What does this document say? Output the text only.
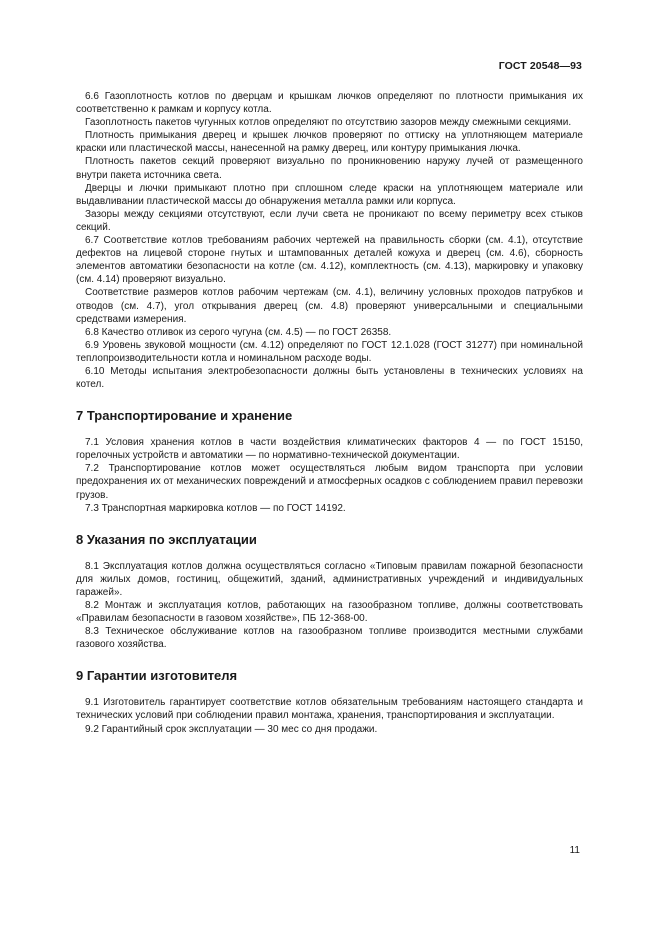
ГОСТ 20548—93

6.6 Газоплотность котлов по дверцам и крышкам лючков определяют по плотности примыкания их соответственно к рамкам и корпусу котла.

Газоплотность пакетов чугунных котлов определяют по отсутствию зазоров между смежными секциями.

Плотность примыкания дверец и крышек лючков проверяют по оттиску на уплотняющем материале краски или пластической массы, нанесенной на рамку дверец, или контуру примыкания лючка.

Плотность пакетов секций проверяют визуально по проникновению наружу лучей от размещенного внутри пакета источника света.

Дверцы и лючки примыкают плотно при сплошном следе краски на уплотняющем материале или выдавливании пластической массы до обнаружения металла рамки или корпуса.

Зазоры между секциями отсутствуют, если лучи света не проникают по всему периметру всех стыков секций.

6.7 Соответствие котлов требованиям рабочих чертежей на правильность сборки (см. 4.1), отсутствие дефектов на лицевой стороне гнутых и штампованных деталей кожуха и дверец (см. 4.6), сборность элементов автоматики безопасности на котле (см. 4.12), комплектность (см. 4.13), маркировку и упаковку (см. 4.14) проверяют визуально.

Соответствие размеров котлов рабочим чертежам (см. 4.1), величину условных проходов патрубков и отводов (см. 4.7), угол открывания дверец (см. 4.8) проверяют универсальными и специальными средствами измерения.

6.8 Качество отливок из серого чугуна (см. 4.5) — по ГОСТ 26358.

6.9 Уровень звуковой мощности (см. 4.12) определяют по ГОСТ 12.1.028 (ГОСТ 31277) при номинальной теплопроизводительности котла и номинальном расходе воды.

6.10 Методы испытания электробезопасности должны быть установлены в технических условиях на котел.

7 Транспортирование и хранение

7.1 Условия хранения котлов в части воздействия климатических факторов 4 — по ГОСТ 15150, горелочных устройств и автоматики — по нормативно-технической документации.

7.2 Транспортирование котлов может осуществляться любым видом транспорта при условии предохранения их от механических повреждений и атмосферных осадков с соблюдением правил перевозки грузов.

7.3 Транспортная маркировка котлов — по ГОСТ 14192.

8 Указания по эксплуатации

8.1 Эксплуатация котлов должна осуществляться согласно «Типовым правилам пожарной безопасности для жилых домов, гостиниц, общежитий, зданий, административных учреждений и индивидуальных гаражей».

8.2 Монтаж и эксплуатация котлов, работающих на газообразном топливе, должны соответствовать «Правилам безопасности в газовом хозяйстве», ПБ 12-368-00.

8.3 Техническое обслуживание котлов на газообразном топливе производится местными службами газового хозяйства.

9 Гарантии изготовителя

9.1 Изготовитель гарантирует соответствие котлов обязательным требованиям настоящего стандарта и технических условий при соблюдении правил монтажа, хранения, транспортирования и эксплуатации.

9.2 Гарантийный срок эксплуатации — 30 мес со дня продажи.

11
